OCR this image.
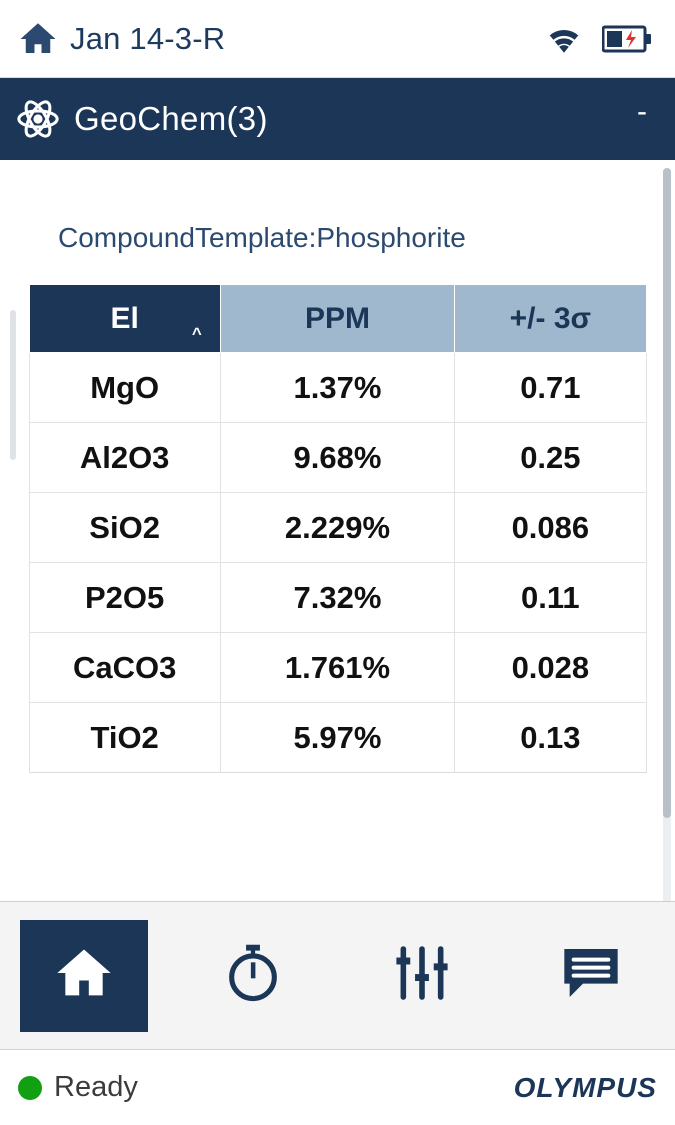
Jan 14-3-R
GeoChem(3)	-
CompoundTemplate:Phosphorite
El ^	PPM	+/- 3σ
MgO	1.37%	0.71
Al2O3	9.68%	0.25
SiO2	2.229%	0.086
P2O5	7.32%	0.11
CaCO3	1.761%	0.028
TiO2	5.97%	0.13
Ready	OLYMPUS
